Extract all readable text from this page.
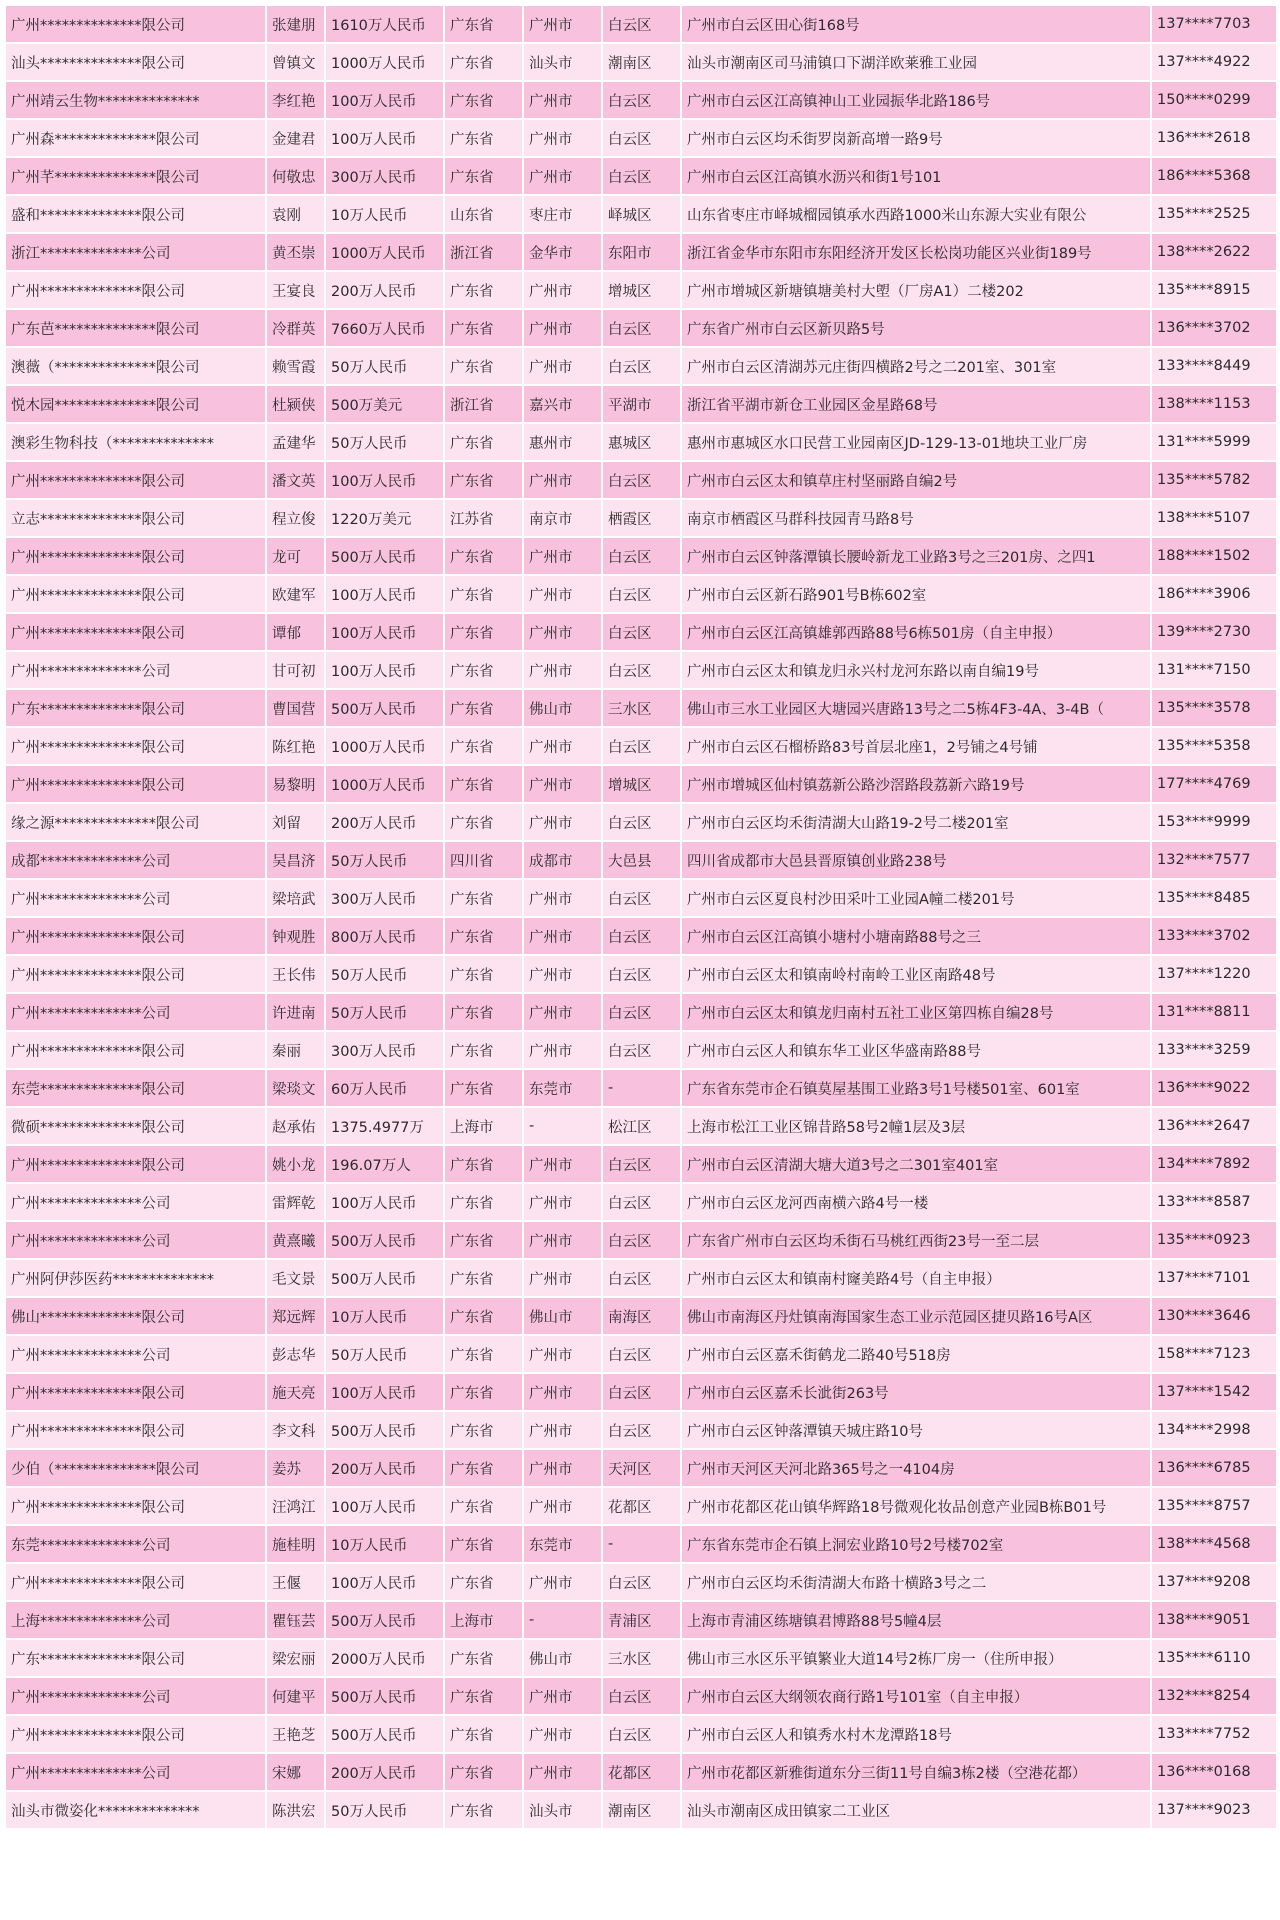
广州**************限公司	张建朋	1610万人民币	广东省	广州市	白云区	广州市白云区田心街168号	137****7703
汕头**************限公司	曾镇文	1000万人民币	广东省	汕头市	潮南区	汕头市潮南区司马浦镇口下湖洋欧莱雅工业园	137****4922
广州靖云生物**************	李红艳	100万人民币	广东省	广州市	白云区	广州市白云区江高镇神山工业园振华北路186号	150****0299
广州森**************限公司	金建君	100万人民币	广东省	广州市	白云区	广州市白云区均禾街罗岗新高增一路9号	136****2618
广州芊**************限公司	何敬忠	300万人民币	广东省	广州市	白云区	广州市白云区江高镇水沥兴和街1号101	186****5368
盛和**************限公司	袁刚	10万人民币	山东省	枣庄市	峄城区	山东省枣庄市峄城榴园镇承水西路1000米山东源大实业有限公	135****2525
浙江**************公司	黄丕崇	1000万人民币	浙江省	金华市	东阳市	浙江省金华市东阳市东阳经济开发区长松岗功能区兴业街189号	138****2622
广州**************限公司	王宴良	200万人民币	广东省	广州市	增城区	广州市增城区新塘镇塘美村大塱（厂房A1）二楼202	135****8915
广东芭**************限公司	冷群英	7660万人民币	广东省	广州市	白云区	广东省广州市白云区新贝路5号	136****3702
澳薇（**************限公司	赖雪霞	50万人民币	广东省	广州市	白云区	广州市白云区清湖苏元庄街四横路2号之二201室、301室	133****8449
悦木园**************限公司	杜颍侠	500万美元	浙江省	嘉兴市	平湖市	浙江省平湖市新仓工业园区金星路68号	138****1153
澳彩生物科技（**************	孟建华	50万人民币	广东省	惠州市	惠城区	惠州市惠城区水口民营工业园南区JD-129-13-01地块工业厂房	131****5999
广州**************限公司	潘文英	100万人民币	广东省	广州市	白云区	广州市白云区太和镇草庄村坚丽路自编2号	135****5782
立志**************限公司	程立俊	1220万美元	江苏省	南京市	栖霞区	南京市栖霞区马群科技园青马路8号	138****5107
广州**************限公司	龙可	500万人民币	广东省	广州市	白云区	广州市白云区钟落潭镇长腰岭新龙工业路3号之三201房、之四1	188****1502
广州**************限公司	欧建军	100万人民币	广东省	广州市	白云区	广州市白云区新石路901号B栋602室	186****3906
广州**************限公司	谭郁	100万人民币	广东省	广州市	白云区	广州市白云区江高镇雄郭西路88号6栋501房（自主申报）	139****2730
广州**************公司	甘可初	100万人民币	广东省	广州市	白云区	广州市白云区太和镇龙归永兴村龙河东路以南自编19号	131****7150
广东**************限公司	曹国营	500万人民币	广东省	佛山市	三水区	佛山市三水工业园区大塘园兴唐路13号之二5栋4F3-4A、3-4B（	135****3578
广州**************限公司	陈红艳	1000万人民币	广东省	广州市	白云区	广州市白云区石榴桥路83号首层北座1，2号铺之4号铺	135****5358
广州**************限公司	易黎明	1000万人民币	广东省	广州市	增城区	广州市增城区仙村镇荔新公路沙滘路段荔新六路19号	177****4769
缘之源**************限公司	刘留	200万人民币	广东省	广州市	白云区	广州市白云区均禾街清湖大山路19-2号二楼201室	153****9999
成都**************公司	吴昌济	50万人民币	四川省	成都市	大邑县	四川省成都市大邑县晋原镇创业路238号	132****7577
广州**************公司	梁培武	300万人民币	广东省	广州市	白云区	广州市白云区夏良村沙田采叶工业园A幢二楼201号	135****8485
广州**************限公司	钟观胜	800万人民币	广东省	广州市	白云区	广州市白云区江高镇小塘村小塘南路88号之三	133****3702
广州**************限公司	王长伟	50万人民币	广东省	广州市	白云区	广州市白云区太和镇南岭村南岭工业区南路48号	137****1220
广州**************公司	许进南	50万人民币	广东省	广州市	白云区	广州市白云区太和镇龙归南村五社工业区第四栋自编28号	131****8811
广州**************限公司	秦丽	300万人民币	广东省	广州市	白云区	广州市白云区人和镇东华工业区华盛南路88号	133****3259
东莞**************限公司	梁琰文	60万人民币	广东省	东莞市	-	广东省东莞市企石镇莫屋基围工业路3号1号楼501室、601室	136****9022
微硕**************限公司	赵承佑	1375.4977万	上海市	-	松江区	上海市松江工业区锦昔路58号2幢1层及3层	136****2647
广州**************限公司	姚小龙	196.07万人	广东省	广州市	白云区	广州市白云区清湖大塘大道3号之二301室401室	134****7892
广州**************公司	雷辉乾	100万人民币	广东省	广州市	白云区	广州市白云区龙河西南横六路4号一楼	133****8587
广州**************公司	黄熹曦	500万人民币	广东省	广州市	白云区	广东省广州市白云区均禾街石马桃红西街23号一至二层	135****0923
广州阿伊莎医药**************	毛文景	500万人民币	广东省	广州市	白云区	广州市白云区太和镇南村窿美路4号（自主申报）	137****7101
佛山**************限公司	郑远辉	10万人民币	广东省	佛山市	南海区	佛山市南海区丹灶镇南海国家生态工业示范园区捷贝路16号A区	130****3646
广州**************公司	彭志华	50万人民币	广东省	广州市	白云区	广州市白云区嘉禾街鹤龙二路40号518房	158****7123
广州**************限公司	施天亮	100万人民币	广东省	广州市	白云区	广州市白云区嘉禾长泚街263号	137****1542
广州**************限公司	李文科	500万人民币	广东省	广州市	白云区	广州市白云区钟落潭镇天城庄路10号	134****2998
少伯（**************限公司	姜苏	200万人民币	广东省	广州市	天河区	广州市天河区天河北路365号之一4104房	136****6785
广州**************限公司	汪鸿江	100万人民币	广东省	广州市	花都区	广州市花都区花山镇华辉路18号微观化妆品创意产业园B栋B01号	135****8757
东莞**************公司	施桂明	10万人民币	广东省	东莞市	-	广东省东莞市企石镇上洞宏业路10号2号楼702室	138****4568
广州**************限公司	王偃	100万人民币	广东省	广州市	白云区	广州市白云区均禾街清湖大布路十横路3号之二	137****9208
上海**************公司	瞿钰芸	500万人民币	上海市	-	青浦区	上海市青浦区练塘镇君博路88号5幢4层	138****9051
广东**************限公司	梁宏丽	2000万人民币	广东省	佛山市	三水区	佛山市三水区乐平镇繁业大道14号2栋厂房一（住所申报）	135****6110
广州**************公司	何建平	500万人民币	广东省	广州市	白云区	广州市白云区大纲领农商行路1号101室（自主申报）	132****8254
广州**************限公司	王艳芝	500万人民币	广东省	广州市	白云区	广州市白云区人和镇秀水村木龙潭路18号	133****7752
广州**************公司	宋娜	200万人民币	广东省	广州市	花都区	广州市花都区新雅街道东分三街11号自编3栋2楼（空港花都）	136****0168
汕头市微姿化**************	陈洪宏	50万人民币	广东省	汕头市	潮南区	汕头市潮南区成田镇家二工业区	137****9023
